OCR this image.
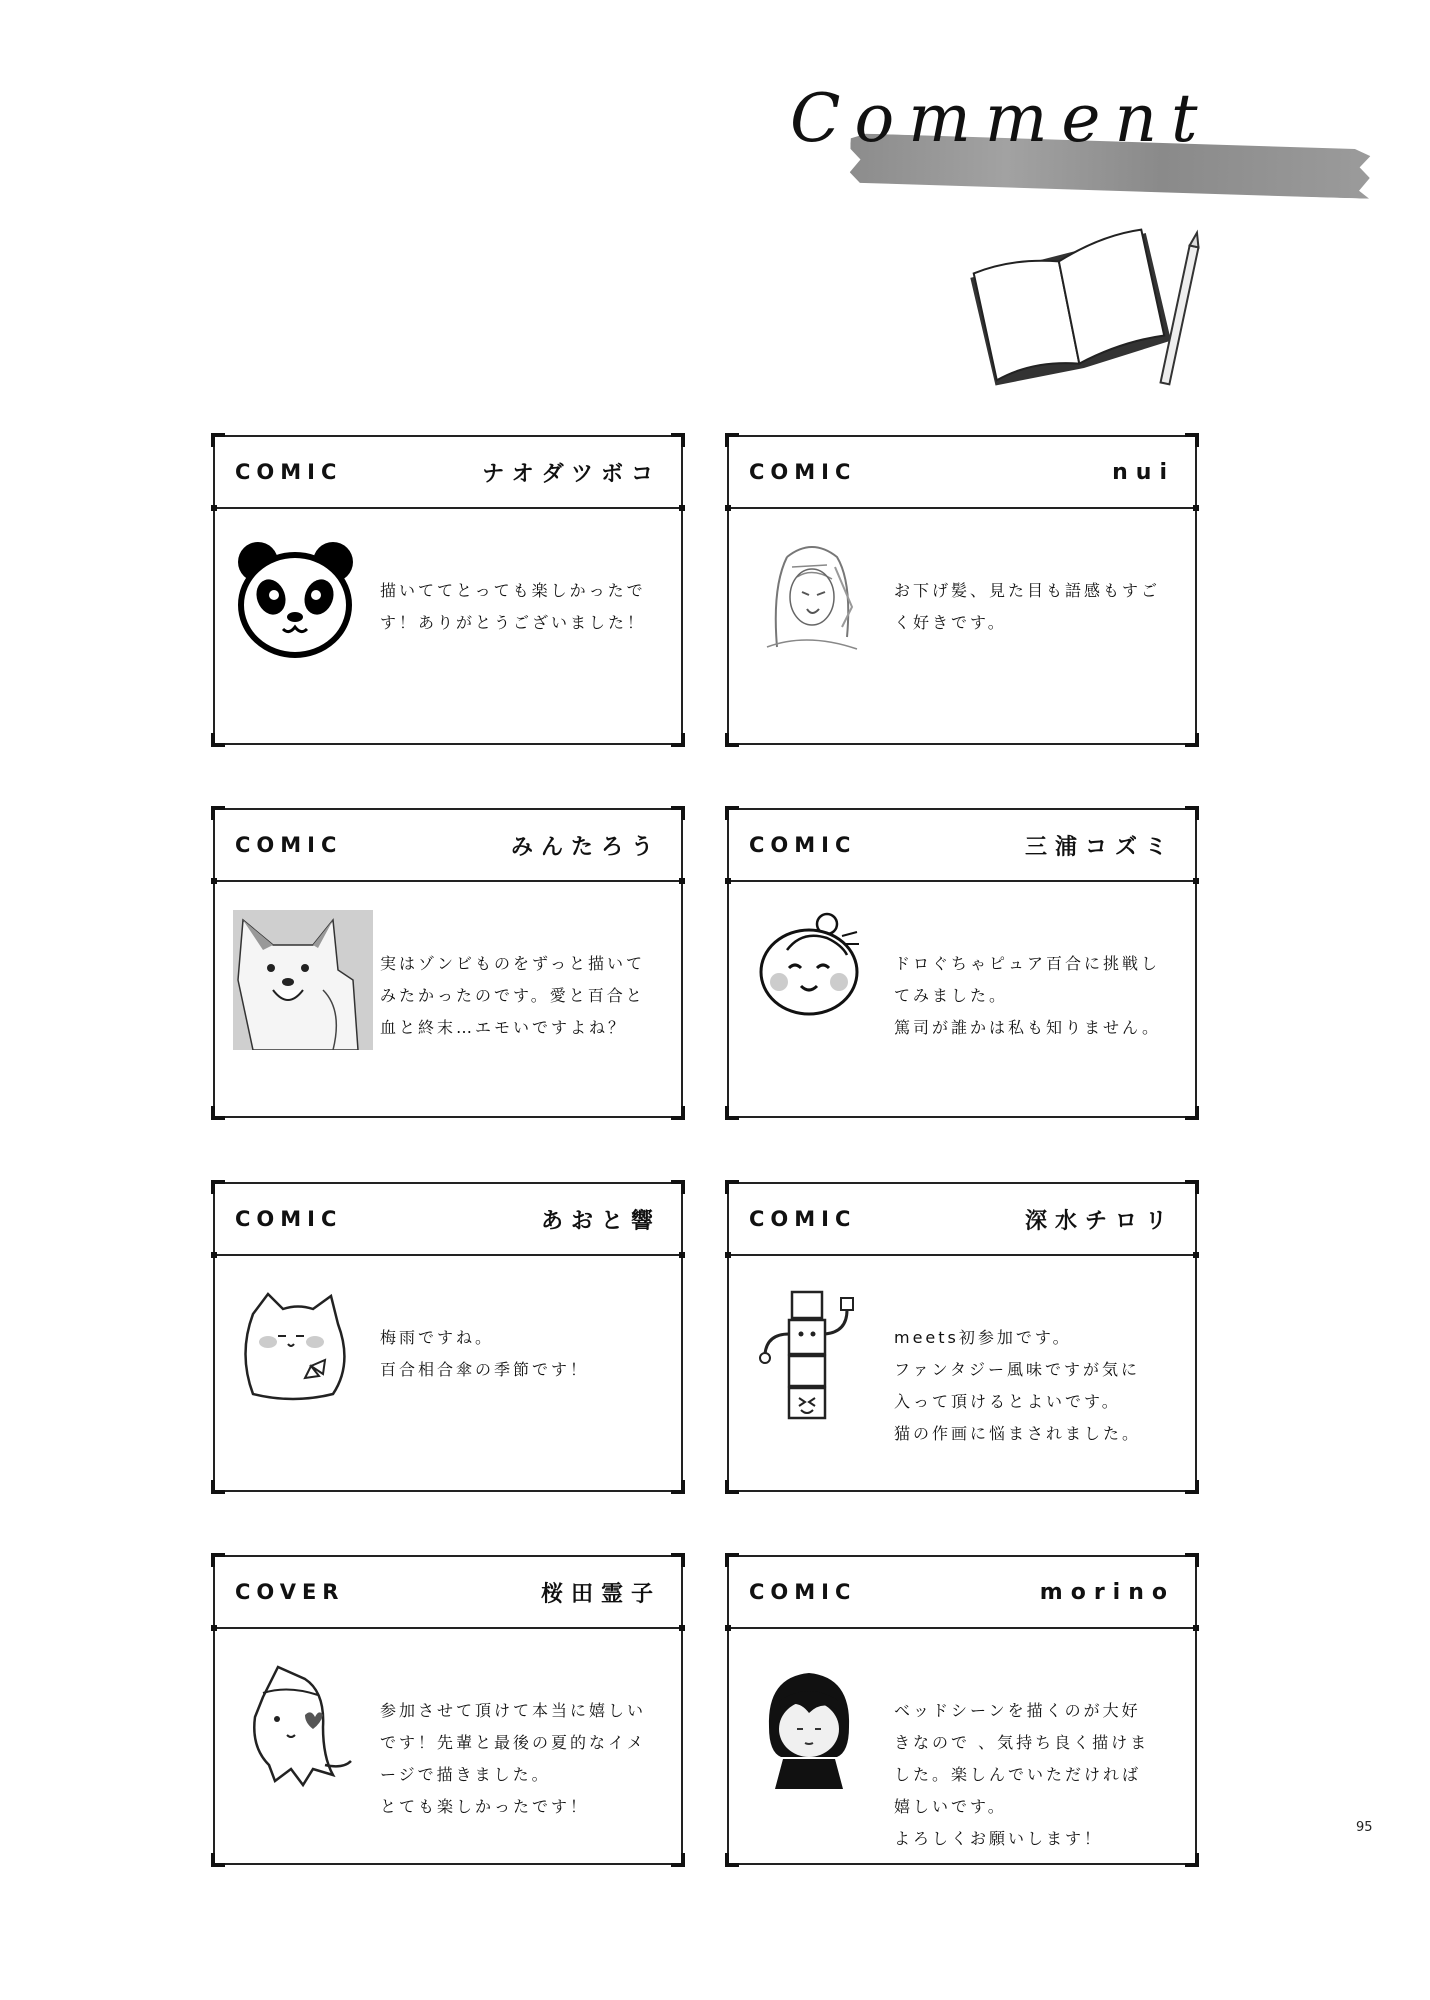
Comment
COMIC	ナオダツボコ

描いててとっても楽しかったで

す！ありがとうございました！

COMIC	nui

お下げ髪、見た目も語感もすご

く好きです。

COMIC	みんたろう

実はゾンビものをずっと描いて

みたかったのです。愛と百合と

血と終末…エモいですよね？

COMIC	三浦コズミ

ドロぐちゃピュア百合に挑戦し

てみました。

篤司が誰かは私も知りません。

COMIC	あおと響

梅雨ですね。

百合相合傘の季節です！

COMIC	深水チロリ

meets初参加です。

ファンタジー風味ですが気に

入って頂けるとよいです。

猫の作画に悩まされました。

COVER	桜田霊子

参加させて頂けて本当に嬉しい

です！先輩と最後の夏的なイメ

ージで描きました。

とても楽しかったです！

COMIC	morino

ベッドシーンを描くのが大好

きなので 、気持ち良く描けま

した。楽しんでいただければ

嬉しいです。

よろしくお願いします！

95
